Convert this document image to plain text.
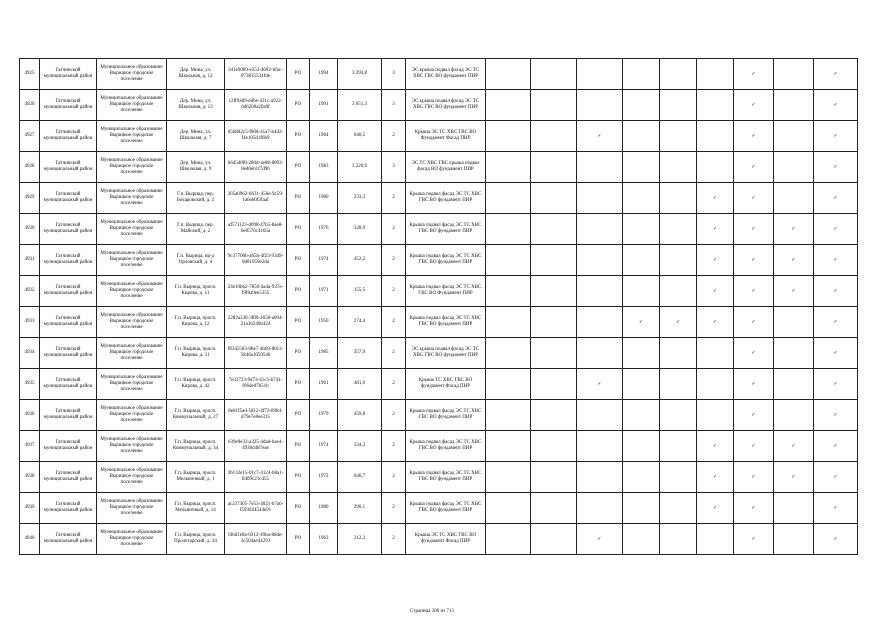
4925	Гатчинский муниципальный район	Муниципальное образование Вырицкое городское поселение	Дер. Мина, ул. Школьная, д. 12	341e9089-e253-4092-bfac-873835534fde	РО	1994	3 293,8	3	ЭС крыша подвал фасад ЭС ТС ХВС ГВС ВО фундамент ПИР							✓		✓
4926	Гатчинский муниципальный район	Муниципальное образование Вырицкое городское поселение	Дер. Мина, ул. Школьная, д. 13	c2ff94d9-e0be-431c-a922-6d6200a20a9f	РО	1991	3 651,3	3	ЭС крыша подвал фасад ЭС ТС ХВС ГВС ВО фундамент ПИР							✓		✓
4927	Гатчинский муниципальный район	Муниципальное образование Вырицкое городское поселение	Дер. Мина, ул. Школьная, д. 7	d568d2c5-f80d-41a7-b4d2-f4e105d1f6b9	РО	1964	640,5	2	Крыша ЭС ТС ХВС ГВС ВО Фундамент Фасад ПИР			✓				✓		✓
4928	Гатчинский муниципальный район	Муниципальное образование Вырицкое городское поселение	Дер. Мина, ул. Школьная, д. 9	b645d0f0-280d-4e08-8893-8ed0eb1f7d96	РО	1983	3 226,6	3	ЭС ТС ХВС ГВС крыша подвал фасад ВО фундамент ПИР							✓		✓
4929	Гатчинский муниципальный район	Муниципальное образование Вырицкое городское поселение	Г.п. Вырица, пер. Бочаровский, д. 2	205a6962-6631-456e-9c59-1a6eb0f3faaf	РО	1980	233,3	2	Крыша подвал фасад ЭС ТС ХВС ГВС ВО фундамент ПИР						✓	✓		✓
4930	Гатчинский муниципальный район	Муниципальное образование Вырицкое городское поселение	Г.п. Вырица, пер. Майский, д. 2	af571123-d098-47b5-8ae8-6e0576c4165a	РО	1976	328,9	2	Крыша подвал фасад ЭС ТС ХВС ГВС ВО фундамент ПИР						✓	✓	✓	✓
4931	Гатчинский муниципальный район	Муниципальное образование Вырицкое городское поселение	Г.п. Вырица, пр-д Орловский, д. 4	9c37700b-a65b-4f23-93d9-0d81059e2da	РО	1974	452,2	2	Крыша подвал фасад ЭС ТС ХВС ГВС ВО фундамент ПИР						✓	✓	✓	✓
4932	Гатчинский муниципальный район	Муниципальное образование Вырицкое городское поселение	Г.п. Вырица, просп. Кирова, д. 11	24e10b62-7850-4a4a-937e-f9f0a9ee5355	РО	1971	155,5	2	Крыша подвал фасад ЭС ТС ХВС ГВС ВО Фундамент ПИР						✓	✓	✓	✓
4933	Гатчинский муниципальный район	Муниципальное образование Вырицкое городское поселение	Г.п. Вырица, просп. Кирова, д. 12	2282a238-3f00-4658-a004-21a36246b424	РО	1950	274,4	2	Крыша подвал фасад ЭС ТС ХВС ГВС ВО фундамент ПИР				✓	✓	✓	✓		✓
4934	Гатчинский муниципальный район	Муниципальное образование Вырицкое городское поселение	Г.п. Вырица, просп. Кирова, д. 31	f8345583-08e7-4b69-8013-584da1059546	РО	1985	357,9	2	ЭС крыша подвал фасад ЭС ТС ХВС ГВС ВО фундамент ПИР							✓		✓
4935	Гатчинский муниципальный район	Муниципальное образование Вырицкое городское поселение	Г.п. Вырица, просп. Кирова, д. 42	7e33723-9473-41c5-b741-f06ded7b51b	РО	1961	481,0	2	Крыша ТС ХВС ГВС ВО фундамент Фасад ПИР			✓				✓		✓
4936	Гатчинский муниципальный район	Муниципальное образование Вырицкое городское поселение	Г.п. Вырица, просп. Коммунальный, д. 27	8e81f5ad-5812-4f73-8984-d79e7e8ee315	РО	1979	459,8	2	Крыша подвал фасад ЭС ТС ХВС ГВС ВО фундамент ПИР							✓		✓
4937	Гатчинский муниципальный район	Муниципальное образование Вырицкое городское поселение	Г.п. Вырица, просп. Коммунальный, д. 34	639e9e33-a325-4dad-bae4-4930d487eae	РО	1974	334,3	2	Крыша подвал фасад ЭС ТС ХВС ГВС ВО фундамент ПИР						✓	✓	✓	✓
4938	Гатчинский муниципальный район	Муниципальное образование Вырицкое городское поселение	Г.п. Вырица, просп. Мельничный, д. 1	36132e15-01c7-4124-b8a1-8409c21c455	РО	1972	646,7	2	Крыша подвал фасад ЭС ТС ХВС ГВС ВО фундамент ПИР						✓	✓	✓	✓
4939	Гатчинский муниципальный район	Муниципальное образование Вырицкое городское поселение	Г.п. Вырица, просп. Мельничный, д. 14	ac237305-7e53-4021-b7a6-f593024544e91	РО	1980	290,1	2	Крыша подвал фасад ЭС ТС ХВС ГВС ВО фундамент ПИР						✓	✓		✓
4940	Гатчинский муниципальный район	Муниципальное образование Вырицкое городское поселение	Г.п. Вырица, просп. Пролетарский, д. 34	f46d1e8a-0312-49ba-88de-3c504ae44293	РО	1963	312,2	2	Крыша ЭС ТС ХВС ГВС ВО фундамент Фасад ПИР			✓				✓		✓
Страница 306 из 713
